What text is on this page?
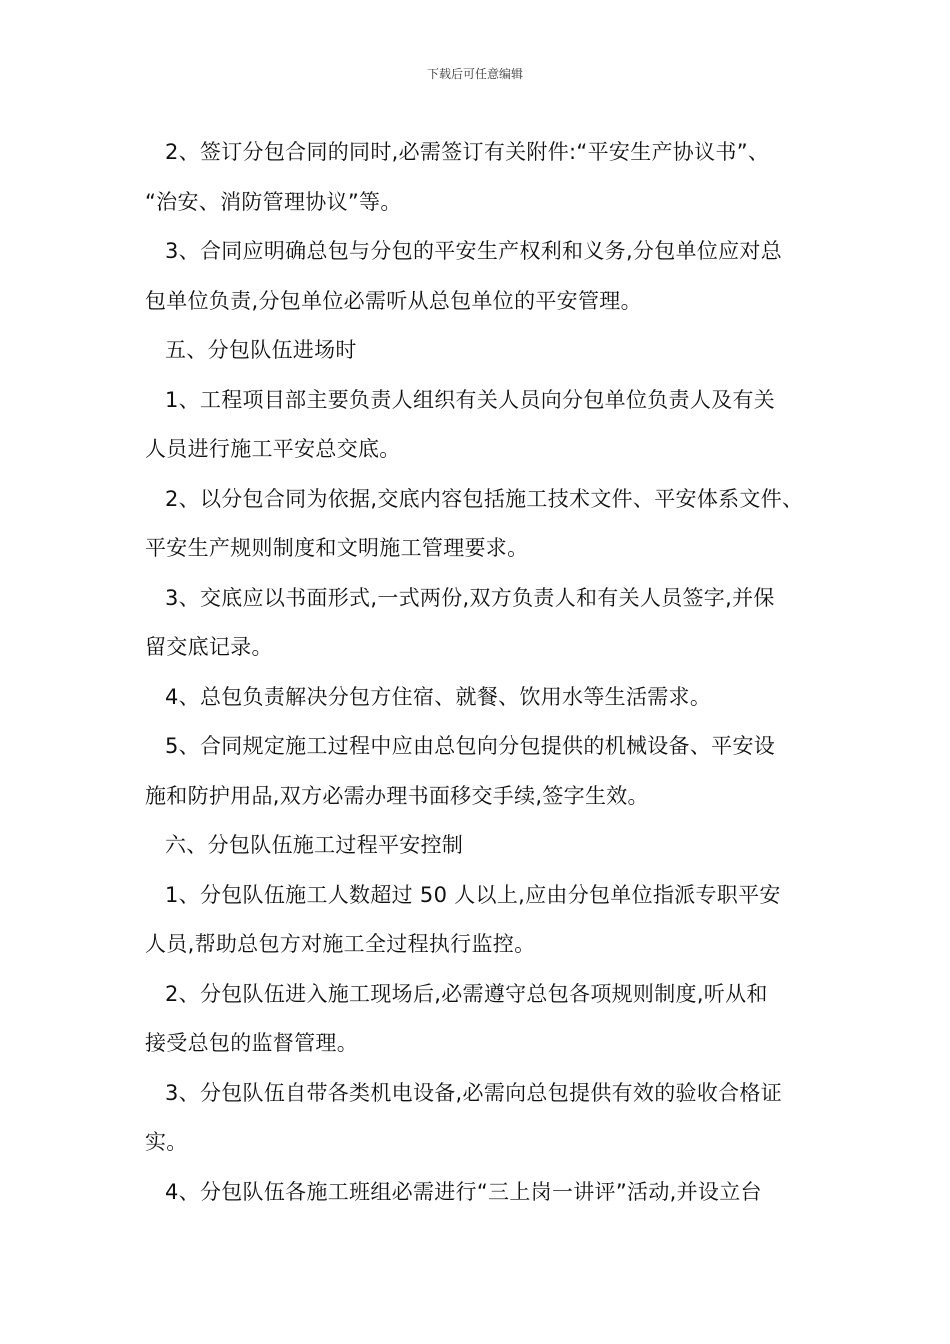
下载后可任意编辑

2、签订分包合同的同时,必需签订有关附件:“平安生产协议书”、

“治安、消防管理协议”等。

3、合同应明确总包与分包的平安生产权利和义务,分包单位应对总

包单位负责,分包单位必需听从总包单位的平安管理。

五、分包队伍进场时

1、工程项目部主要负责人组织有关人员向分包单位负责人及有关

人员进行施工平安总交底。

2、以分包合同为依据,交底内容包括施工技术文件、平安体系文件、

平安生产规则制度和文明施工管理要求。

3、交底应以书面形式,一式两份,双方负责人和有关人员签字,并保

留交底记录。

4、总包负责解决分包方住宿、就餐、饮用水等生活需求。

5、合同规定施工过程中应由总包向分包提供的机械设备、平安设

施和防护用品,双方必需办理书面移交手续,签字生效。

六、分包队伍施工过程平安控制

1、分包队伍施工人数超过 50 人以上,应由分包单位指派专职平安

人员,帮助总包方对施工全过程执行监控。

2、分包队伍进入施工现场后,必需遵守总包各项规则制度,听从和

接受总包的监督管理。

3、分包队伍自带各类机电设备,必需向总包提供有效的验收合格证

实。

4、分包队伍各施工班组必需进行“三上岗一讲评”活动,并设立台
